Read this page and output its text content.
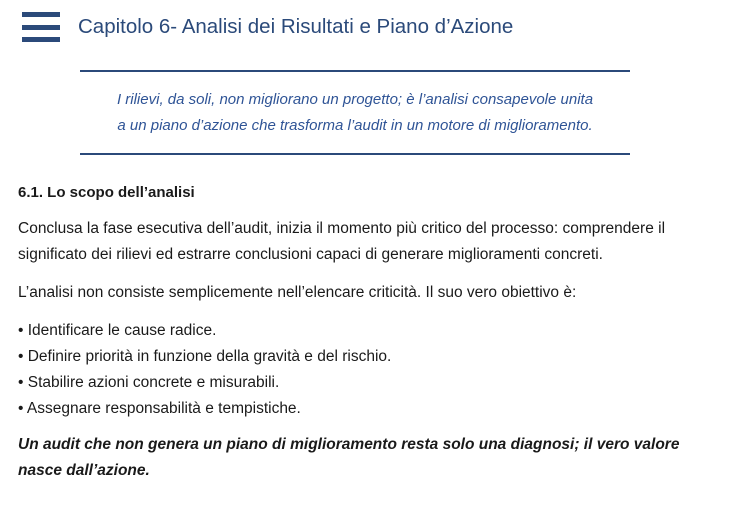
Capitolo 6- Analisi dei Risultati e Piano d’Azione

I rilievi, da soli, non migliorano un progetto; è l’analisi consapevole unita
a un piano d’azione che trasforma l’audit in un motore di miglioramento.

6.1. Lo scopo dell’analisi

Conclusa la fase esecutiva dell’audit, inizia il momento più critico del processo: comprendere il significato dei rilievi ed estrarre conclusioni capaci di generare miglioramenti concreti.

L’analisi non consiste semplicemente nell’elencare criticità. Il suo vero obiettivo è:

• Identificare le cause radice.
• Definire priorità in funzione della gravità e del rischio.
• Stabilire azioni concrete e misurabili.
• Assegnare responsabilità e tempistiche.

Un audit che non genera un piano di miglioramento resta solo una diagnosi; il vero valore nasce dall’azione.
